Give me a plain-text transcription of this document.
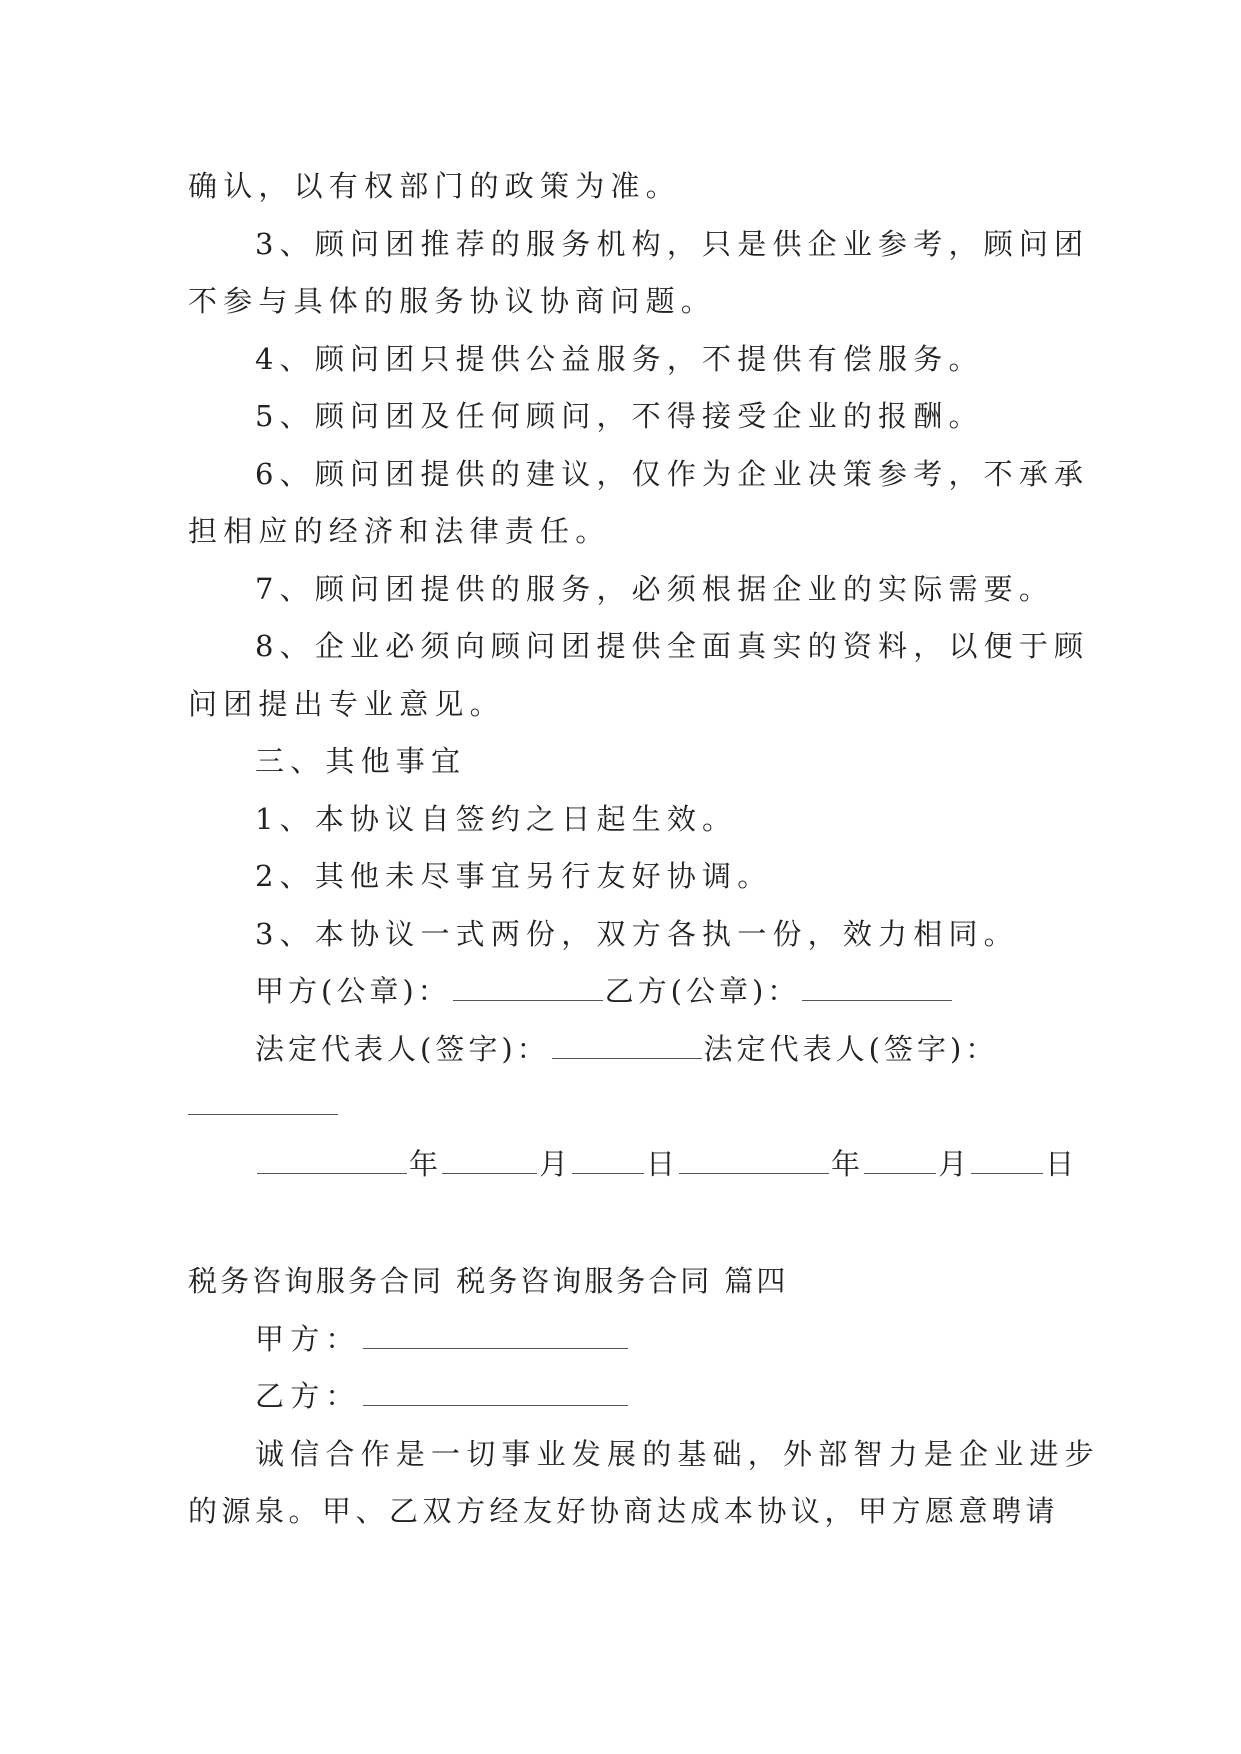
确认，以有权部门的政策为准。
3、顾问团推荐的服务机构，只是供企业参考，顾问团
不参与具体的服务协议协商问题。
4、顾问团只提供公益服务，不提供有偿服务。
5、顾问团及任何顾问，不得接受企业的报酬。
6、顾问团提供的建议，仅作为企业决策参考，不承承
担相应的经济和法律责任。
7、顾问团提供的服务，必须根据企业的实际需要。
8、企业必须向顾问团提供全面真实的资料，以便于顾
问团提出专业意见。
三、其他事宜
1、本协议自签约之日起生效。
2、其他未尽事宜另行友好协调。
3、本协议一式两份，双方各执一份，效力相同。
甲方(公章)：	乙方(公章)：
法定代表人(签字)：	法定代表人(签字)：
年	月	日	年	月	日
税务咨询服务合同 税务咨询服务合同 篇四
甲方：
乙方：
诚信合作是一切事业发展的基础，外部智力是企业进步
的源泉。甲、乙双方经友好协商达成本协议，甲方愿意聘请
